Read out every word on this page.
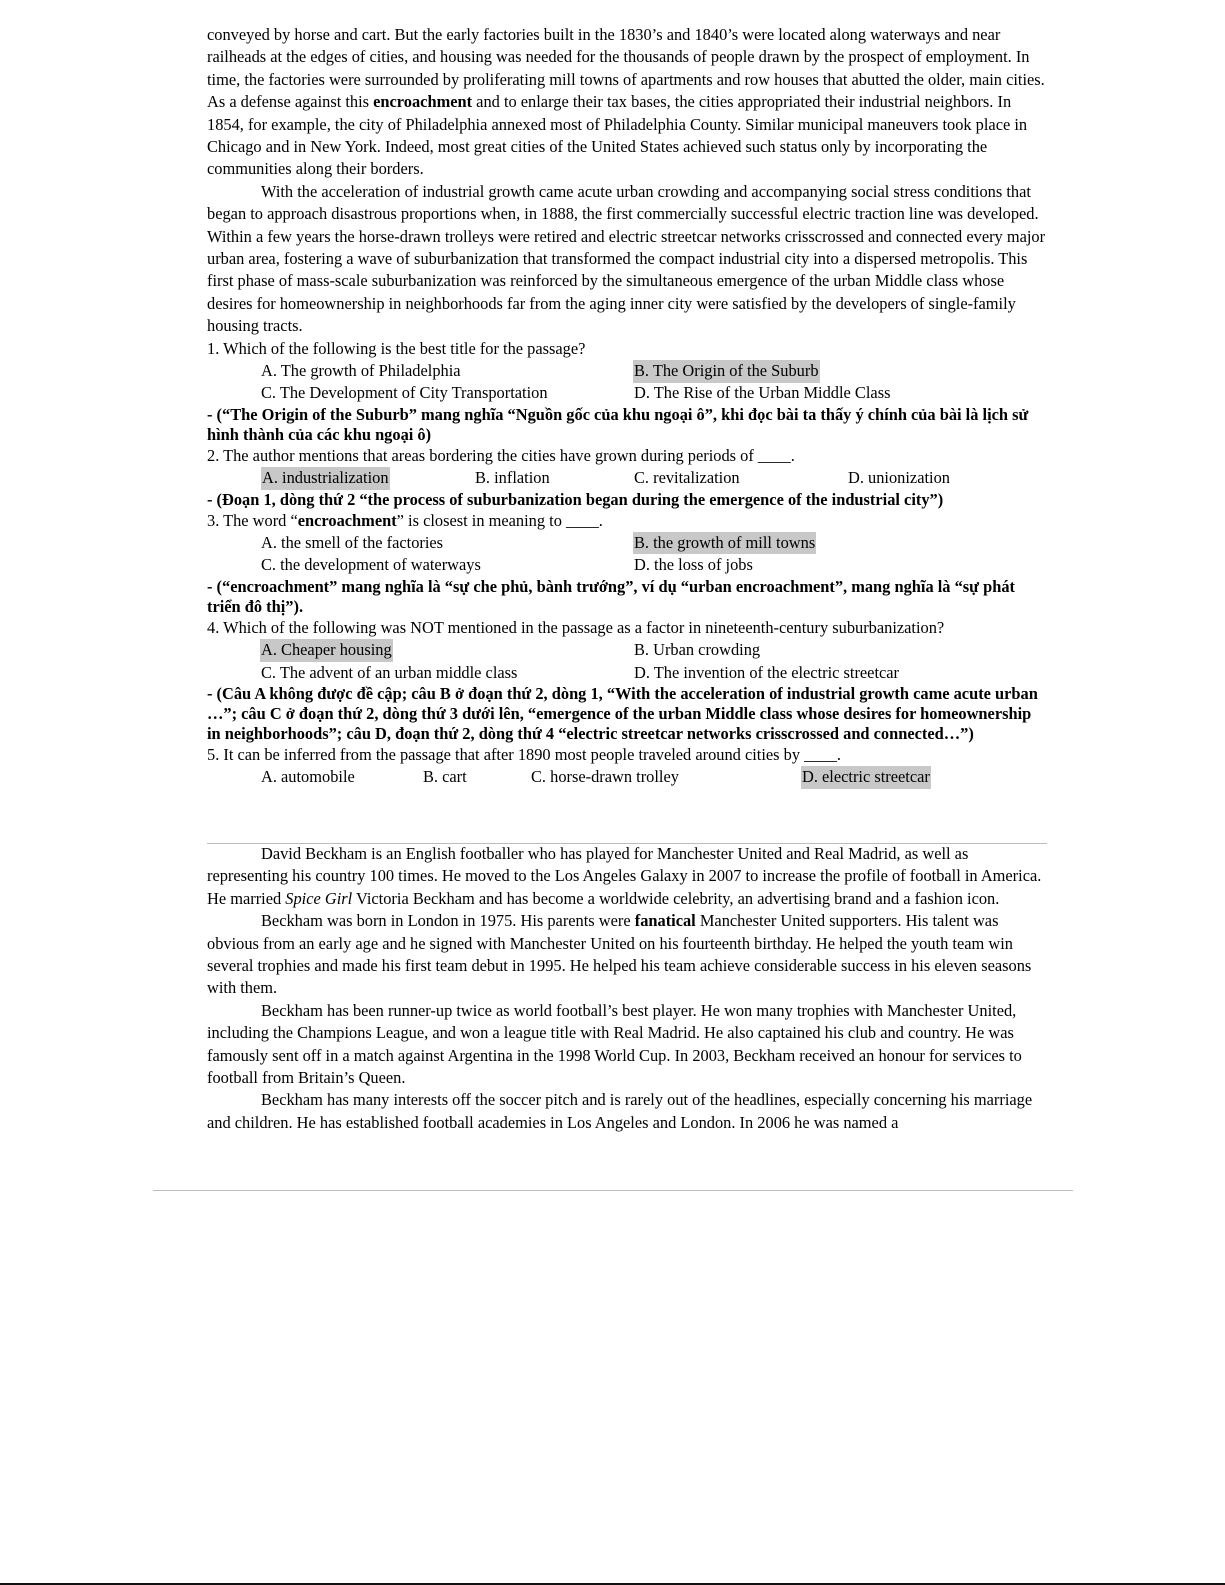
conveyed by horse and cart. But the early factories built in the 1830’s and 1840’s were located along waterways and near railheads at the edges of cities, and housing was needed for the thousands of people drawn by the prospect of employment. In time, the factories were surrounded by proliferating mill towns of apartments and row houses that abutted the older, main cities. As a defense against this encroachment and to enlarge their tax bases, the cities appropriated their industrial neighbors. In 1854, for example, the city of Philadelphia annexed most of Philadelphia County. Similar municipal maneuvers took place in Chicago and in New York. Indeed, most great cities of the United States achieved such status only by incorporating the communities along their borders.

With the acceleration of industrial growth came acute urban crowding and accompanying social stress conditions that began to approach disastrous proportions when, in 1888, the first commercially successful electric traction line was developed. Within a few years the horse-drawn trolleys were retired and electric streetcar networks crisscrossed and connected every major urban area, fostering a wave of suburbanization that transformed the compact industrial city into a dispersed metropolis. This first phase of mass-scale suburbanization was reinforced by the simultaneous emergence of the urban Middle class whose desires for homeownership in neighborhoods far from the aging inner city were satisfied by the developers of single-family housing tracts.

1. Which of the following is the best title for the passage?

A. The growth of Philadelphia	B. The Origin of the Suburb
C. The Development of City Transportation	D. The Rise of the Urban Middle Class

- (“The Origin of the Suburb” mang nghĩa “Nguồn gốc của khu ngoại ô”, khi đọc bài ta thấy ý chính của bài là lịch sử hình thành của các khu ngoại ô)

2. The author mentions that areas bordering the cities have grown during periods of ____.

A. industrialization	B. inflation	C. revitalization	D. unionization

- (Đoạn 1, dòng thứ 2 “the process of suburbanization began during the emergence of the industrial city”)

3. The word “encroachment” is closest in meaning to ____.

A. the smell of the factories	B. the growth of mill towns
C. the development of waterways	D. the loss of jobs

- (“encroachment” mang nghĩa là “sự che phủ, bành trướng”, ví dụ “urban encroachment”, mang nghĩa là “sự phát triển đô thị”).

4. Which of the following was NOT mentioned in the passage as a factor in nineteenth-century suburbanization?

A. Cheaper housing	B. Urban crowding
C. The advent of an urban middle class	D. The invention of the electric streetcar

- (Câu A không được đề cập; câu B ở đoạn thứ 2, dòng 1, “With the acceleration of industrial growth came acute urban …”; câu C ở đoạn thứ 2, dòng thứ 3 dưới lên, “emergence of the urban Middle class whose desires for homeownership in neighborhoods”; câu D, đoạn thứ 2, dòng thứ 4 “electric streetcar networks crisscrossed and connected…”)

5. It can be inferred from the passage that after 1890 most people traveled around cities by ____.

A. automobile	B. cart	C. horse-drawn trolley	D. electric streetcar

David Beckham is an English footballer who has played for Manchester United and Real Madrid, as well as representing his country 100 times. He moved to the Los Angeles Galaxy in 2007 to increase the profile of football in America. He married Spice Girl Victoria Beckham and has become a worldwide celebrity, an advertising brand and a fashion icon.

Beckham was born in London in 1975. His parents were fanatical Manchester United supporters. His talent was obvious from an early age and he signed with Manchester United on his fourteenth birthday. He helped the youth team win several trophies and made his first team debut in 1995. He helped his team achieve considerable success in his eleven seasons with them.

Beckham has been runner-up twice as world football’s best player. He won many trophies with Manchester United, including the Champions League, and won a league title with Real Madrid. He also captained his club and country. He was famously sent off in a match against Argentina in the 1998 World Cup. In 2003, Beckham received an honour for services to football from Britain’s Queen.

Beckham has many interests off the soccer pitch and is rarely out of the headlines, especially concerning his marriage and children. He has established football academies in Los Angeles and London. In 2006 he was named a
